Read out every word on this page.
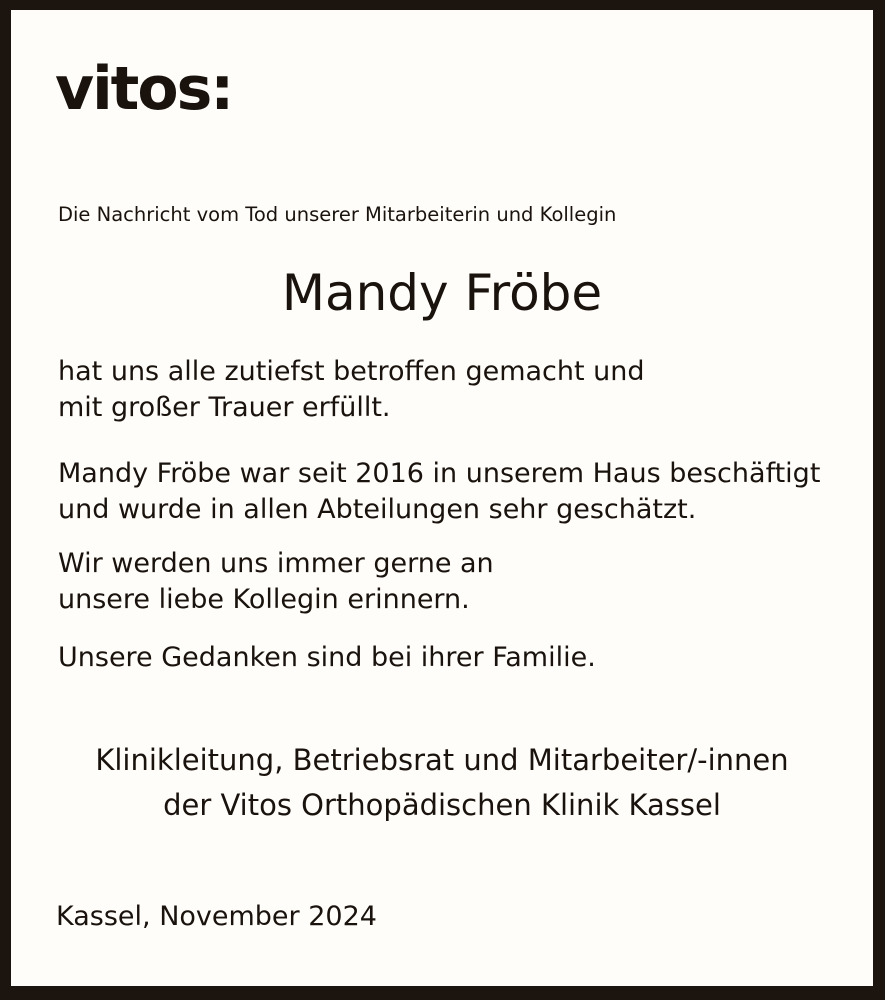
vitos:
Die Nachricht vom Tod unserer Mitarbeiterin und Kollegin
Mandy Fröbe
hat uns alle zutiefst betroffen gemacht und
mit großer Trauer erfüllt.
Mandy Fröbe war seit 2016 in unserem Haus beschäftigt
und wurde in allen Abteilungen sehr geschätzt.
Wir werden uns immer gerne an
unsere liebe Kollegin erinnern.
Unsere Gedanken sind bei ihrer Familie.
Klinikleitung, Betriebsrat und Mitarbeiter/-innen
der Vitos Orthopädischen Klinik Kassel
Kassel, November 2024
